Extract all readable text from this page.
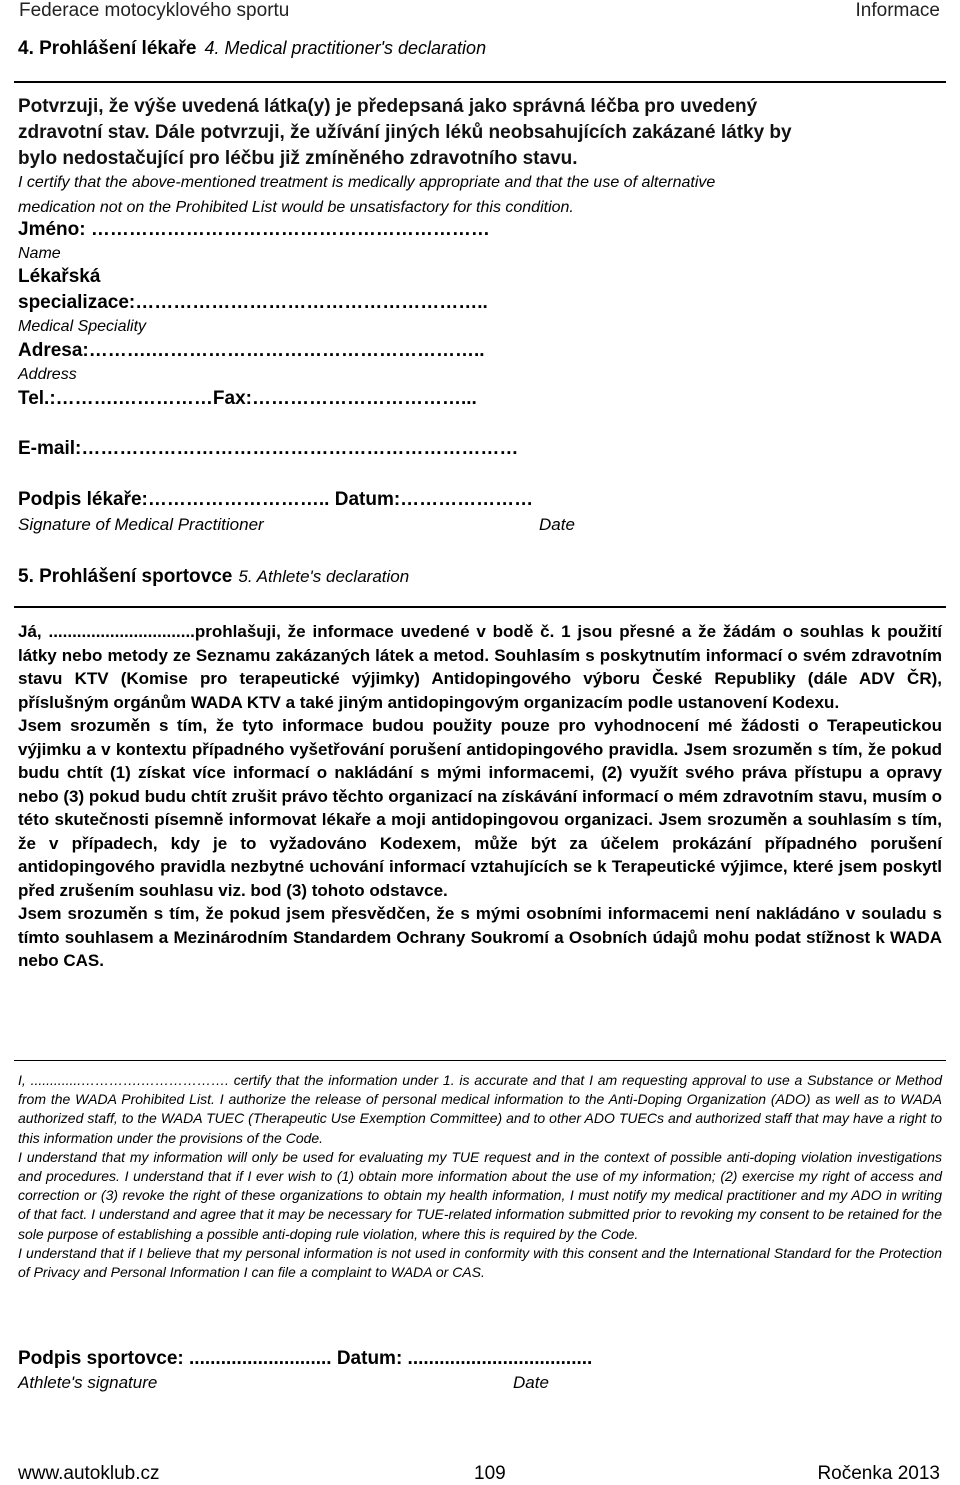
Federace motocyklového sportu	Informace
4. Prohlášení lékaře 4. Medical practitioner's declaration
Potvrzuji, že výše uvedená látka(y) je předepsaná jako správná léčba pro uvedený
zdravotní stav. Dále potvrzuji, že užívání jiných léků neobsahujících zakázané látky by
bylo nedostačující pro léčbu již zmíněného zdravotního stavu.
I certify that the above-mentioned treatment is medically appropriate and that the use of alternative
medication not on the Prohibited List would be unsatisfactory for this condition.
Jméno: ………………………………………………………
Name
Lékařská
specializace:………………………………………………..
Medical Speciality
Adresa:……….……………………………………………..
Address
Tel.:……….……………Fax:……………………………...
E-mail:……………………………………………………………
Podpis lékaře:……………………….. Datum:…………………
Signature of Medical Practitioner	Date
5. Prohlášení sportovce 5. Athlete's declaration

Já, ...............................prohlašuji, že informace uvedené v bodě č. 1 jsou přesné a že žádám o souhlas k použití látky nebo metody ze Seznamu zakázaných látek a metod. Souhlasím s poskytnutím informací o svém zdravotním stavu KTV (Komise pro terapeutické výjimky) Antidopingového výboru České Republiky (dále ADV ČR), příslušným orgánům WADA KTV a také jiným antidopingovým organizacím podle ustanovení Kodexu.

Jsem srozuměn s tím, že tyto informace budou použity pouze pro vyhodnocení mé žádosti o Terapeutickou výjimku a v kontextu případného vyšetřování porušení antidopingového pravidla. Jsem srozuměn s tím, že pokud budu chtít (1) získat více informací o nakládání s mými informacemi, (2) využít svého práva přístupu a opravy nebo (3) pokud budu chtít zrušit právo těchto organizací na získávání informací o mém zdravotním stavu, musím o této skutečnosti písemně informovat lékaře a moji antidopingovou organizaci. Jsem srozuměn a souhlasím s tím, že v případech, kdy je to vyžadováno Kodexem, může být za účelem prokázání případného porušení antidopingového pravidla nezbytné uchování informací vztahujících se k Terapeutické výjimce, které jsem poskytl před zrušením souhlasu viz. bod (3) tohoto odstavce.

Jsem srozuměn s tím, že pokud jsem přesvědčen, že s mými osobními informacemi není nakládáno v souladu s tímto souhlasem a Mezinárodním Standardem Ochrany Soukromí a Osobních údajů mohu podat stížnost k WADA nebo CAS.

I, .............………….………………. certify that the information under 1. is accurate and that I am requesting approval to use a Substance or Method from the WADA Prohibited List. I authorize the release of personal medical information to the Anti-Doping Organization (ADO) as well as to WADA authorized staff, to the WADA TUEC (Therapeutic Use Exemption Committee) and to other ADO TUECs and authorized staff that may have a right to this information under the provisions of the Code.

I understand that my information will only be used for evaluating my TUE request and in the context of possible anti-doping violation investigations and procedures. I understand that if I ever wish to (1) obtain more information about the use of my information; (2) exercise my right of access and correction or (3) revoke the right of these organizations to obtain my health information, I must notify my medical practitioner and my ADO in writing of that fact. I understand and agree that it may be necessary for TUE-related information submitted prior to revoking my consent to be retained for the sole purpose of establishing a possible anti-doping rule violation, where this is required by the Code.

I understand that if I believe that my personal information is not used in conformity with this consent and the International Standard for the Protection of Privacy and Personal Information I can file a complaint to WADA or CAS.

Podpis sportovce: ........................... Datum: ...................................
Athlete's signature	Date
www.autoklub.cz	109	Ročenka 2013
